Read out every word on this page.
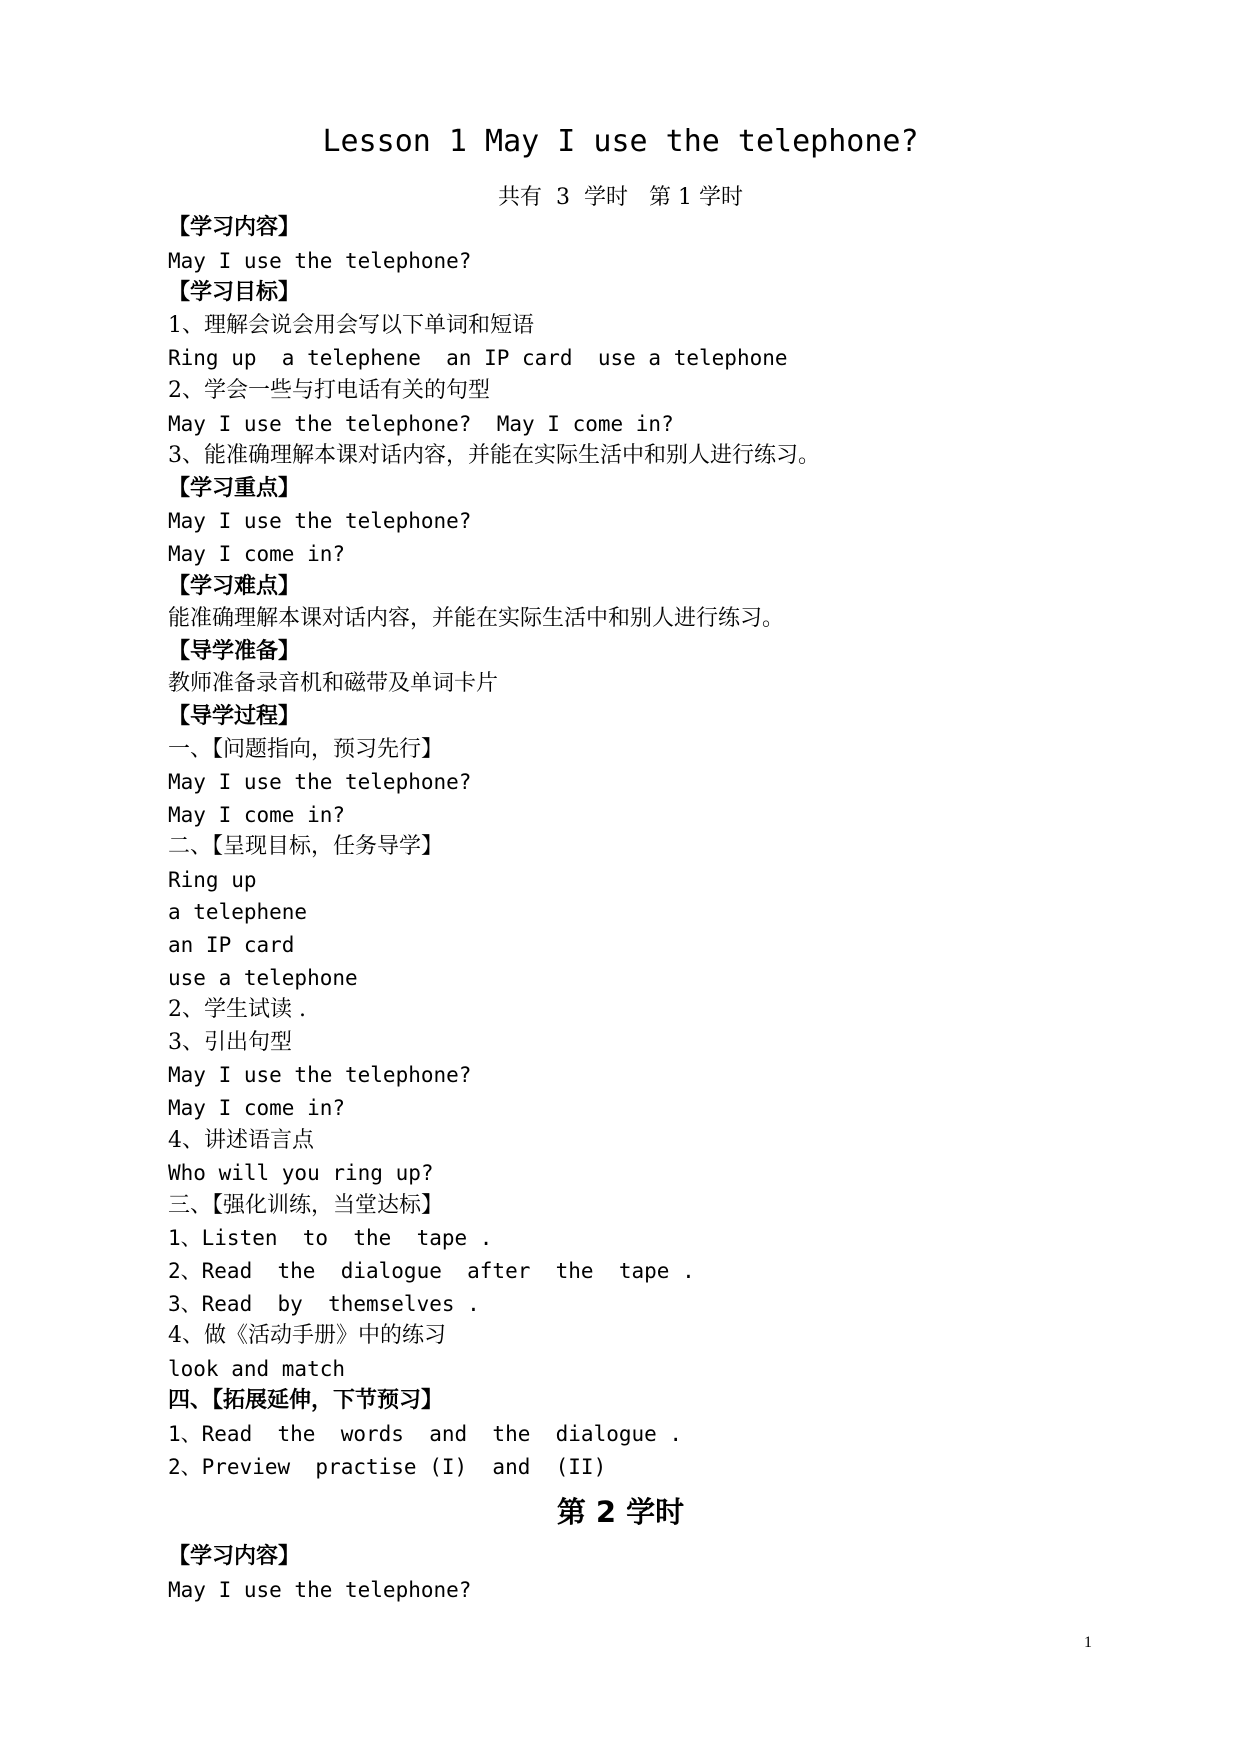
Lesson 1 May I use the telephone?
共有  3  学时   第 1 学时
【学习内容】
May I use the telephone?
【学习目标】
1、理解会说会用会写以下单词和短语
Ring up  a telephene  an IP card  use a telephone
2、学会一些与打电话有关的句型
May I use the telephone?  May I come in?
3、能准确理解本课对话内容，并能在实际生活中和别人进行练习。
【学习重点】
May I use the telephone?
May I come in?
【学习难点】
能准确理解本课对话内容，并能在实际生活中和别人进行练习。
【导学准备】
教师准备录音机和磁带及单词卡片
【导学过程】
一、【问题指向，预习先行】
May I use the telephone?
May I come in?
二、【呈现目标，任务导学】
Ring up
a telephene
an IP card
use a telephone
2、学生试读 .
3、引出句型
May I use the telephone?
May I come in?
4、讲述语言点
Who will you ring up?
三、【强化训练，当堂达标】
1、Listen  to  the  tape .
2、Read  the  dialogue  after  the  tape .
3、Read  by  themselves .
4、做《活动手册》中的练习
look and match
四、【拓展延伸，下节预习】
1、Read  the  words  and  the  dialogue .
2、Preview  practise (I)  and  (II)
第 2 学时
【学习内容】
May I use the telephone?
1
